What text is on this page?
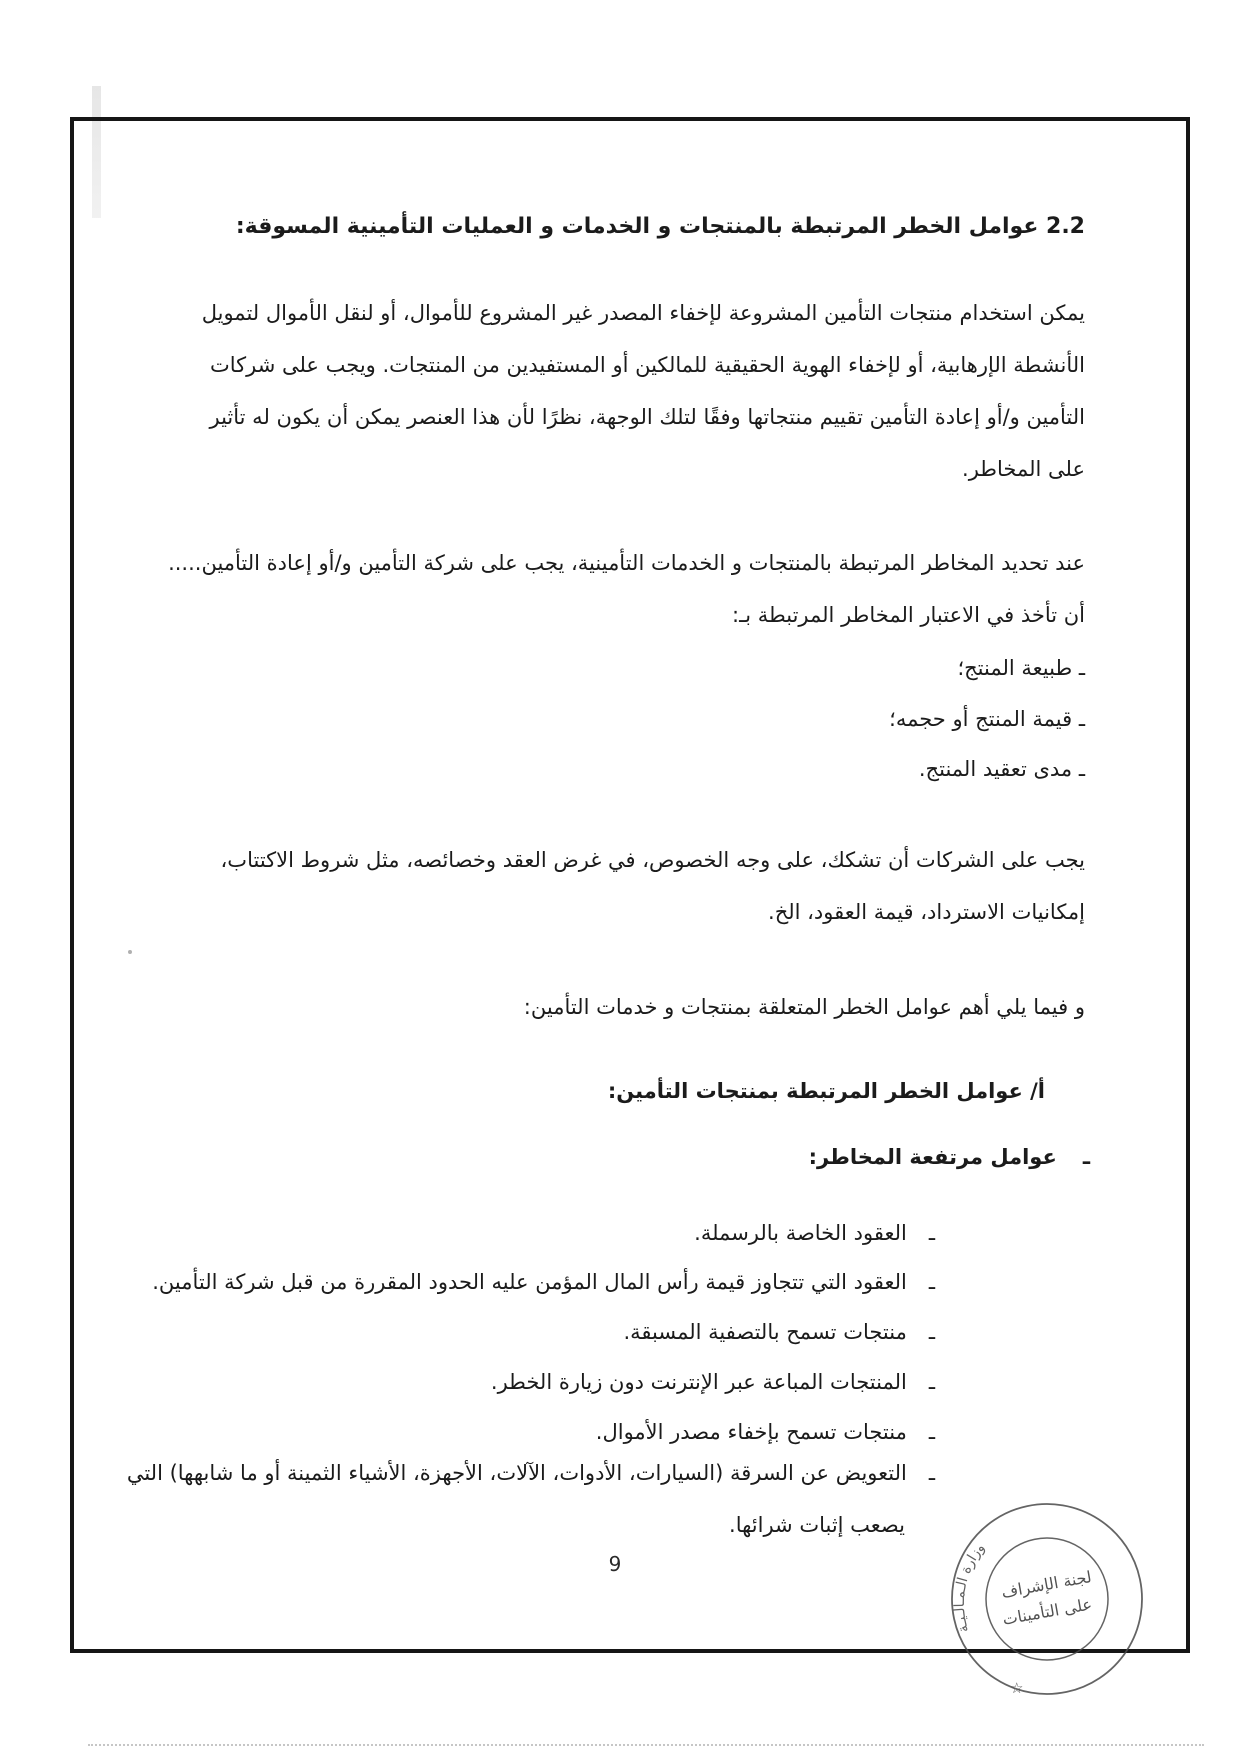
2.2 عوامل الخطر المرتبطة بالمنتجات و الخدمات و العمليات التأمينية المسوقة:
يمكن استخدام منتجات التأمين المشروعة لإخفاء المصدر غير المشروع للأموال، أو لنقل الأموال لتمويل
الأنشطة الإرهابية، أو لإخفاء الهوية الحقيقية للمالكين أو المستفيدين من المنتجات. ويجب على شركات
التأمين و/أو إعادة التأمين تقييم منتجاتها وفقًا لتلك الوجهة، نظرًا لأن هذا العنصر يمكن أن يكون له تأثير
على المخاطر.
عند تحديد المخاطر المرتبطة بالمنتجات و الخدمات التأمينية، يجب على شركة التأمين و/أو إعادة التأمين.....
أن تأخذ في الاعتبار المخاطر المرتبطة بـ:
ـ طبيعة المنتج؛
ـ قيمة المنتج أو حجمه؛
ـ مدى تعقيد المنتج.
يجب على الشركات أن تشكك، على وجه الخصوص، في غرض العقد وخصائصه، مثل شروط الاكتتاب،
إمكانيات الاسترداد، قيمة العقود، الخ.
و فيما يلي أهم عوامل الخطر المتعلقة بمنتجات و خدمات التأمين:
أ/ عوامل الخطر المرتبطة بمنتجات التأمين:
ـعوامل مرتفعة المخاطر:
ـالعقود الخاصة بالرسملة.
ـالعقود التي تتجاوز قيمة رأس المال المؤمن عليه الحدود المقررة من قبل شركة التأمين.
ـمنتجات تسمح بالتصفية المسبقة.
ـالمنتجات المباعة عبر الإنترنت دون زيارة الخطر.
ـمنتجات تسمح بإخفاء مصدر الأموال.
ـالتعويض عن السرقة (السيارات، الأدوات، الآلات، الأجهزة، الأشياء الثمينة أو ما شابهها) التي
يصعب إثبات شرائها.
9
وزارة الـمـالـيـة
لجنة الإشراف
على التأمينات
☆
